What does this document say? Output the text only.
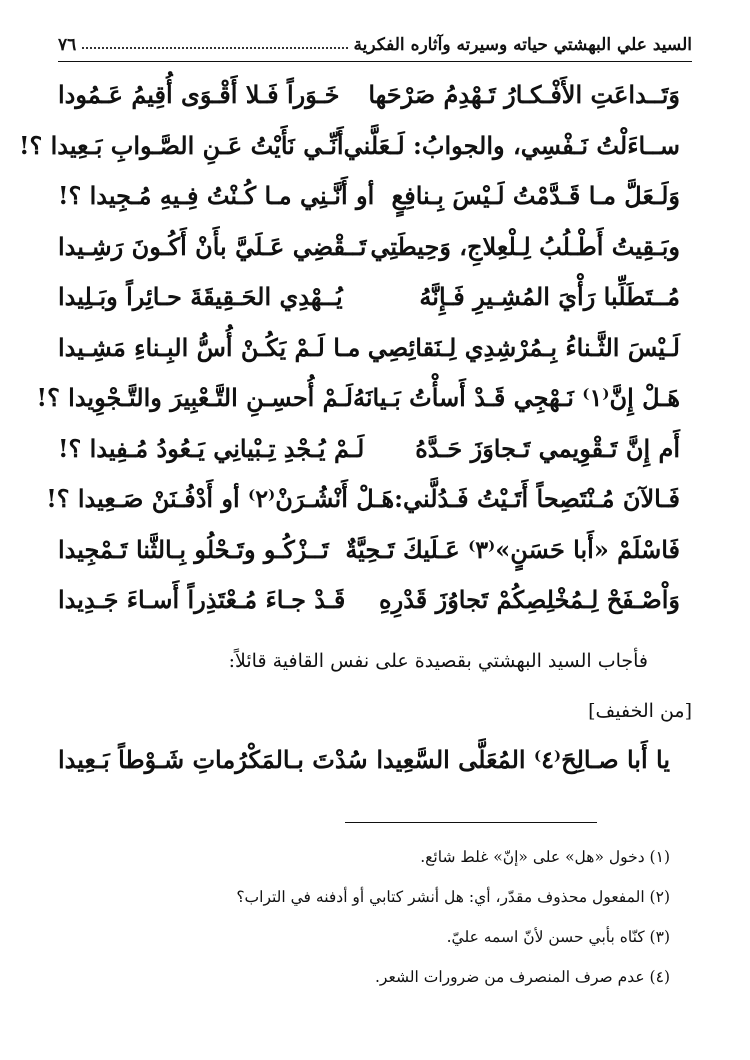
السيد علي البهشتي حياته وسيرته وآثاره الفكرية
٧٦
وَتَــداعَتِ الأَفْـكـارُ تَـهْدِمُ صَرْحَها
خَـوَراً فَـلا أَقْـوَى أُقِيمُ عَـمُودا
ســاءَلْتُ نَـفْسِي، والجوابُ: لَـعَلَّني
أَنِّـي نَأَيْتُ عَـنِ الصَّـوابِ بَـعِيدا ؟!
وَلَـعَلَّ مـا قَـدَّمْتُ لَـيْسَ بِـنافِعٍ
أو أَنَّـنِي مـا كُـنْتُ فِـيهِ مُـجِيدا ؟!
وبَـقِيتُ أَطْـلُبُ لِـلْعِلاجِ، وَحِيطَتِي
تَــقْضِي عَـلَيَّ بأَنْ أَكُـونَ رَشِـيدا
مُــتَطَلِّبا رَأْيَ المُشِـيرِ فَـإِنَّهُ
يُــهْدِي الحَـقِيقَةَ حـائِراً وبَـلِيدا
لَـيْسَ الثَّـناءُ بِـمُرْشِدِي لِـنَقائِصِي
مـا لَـمْ يَكُـنْ أُسُّ البِـناءِ مَشِـيدا
هَـلْ إِنَّ⁽١⁾ نَـهْجِي قَـدْ أَسأْتُ بَـيانَهُ
لَـمْ أُحسِـنِ التَّـعْبِيرَ والتَّـجْوِيدا ؟!
أَم إِنَّ تَـقْوِيمي تَـجاوَزَ حَـدَّهُ
لَـمْ يُـجْدِ تِـبْيانِي يَـعُودُ مُـفِيدا ؟!
فَـالآنَ مُـنْتَصِحاً أَتَـيْتُ فَـدُلَّني:
هَـلْ أَنْشُـرَنْ⁽٢⁾ أو أَدْفُـنَنْ صَـعِيدا ؟!
فَاسْلَمْ «أَبا حَسَنٍ»⁽٣⁾ عَـلَيكَ تَـحِيَّةٌ
تَــزْكُـو وتَـحْلُو بِـالثَّنا تَـمْجِيدا
وَاْصْـفَحْ لِـمُخْلِصِكُمْ تَجاوُزَ قَدْرِهِ
قَـدْ جـاءَ مُـعْتَذِراً أَسـاءَ جَـدِيدا
فأجاب السيد البهشتي بقصيدة على نفس القافية قائلاً:
[من الخفيف]
يا أَبا صـالِحَ⁽٤⁾ المُعَلَّى السَّعِيدا
سُدْتَ بـالمَكْرُماتِ شَـوْطاً بَـعِيدا
(١) دخول «هل» على «إنّ» غلط شائع.
(٢) المفعول محذوف مقدّر، أي: هل أنشر كتابي أو أدفنه في التراب؟
(٣) كنّاه بأبي حسن لأنّ اسمه عليّ.
(٤) عدم صرف المنصرف من ضرورات الشعر.
